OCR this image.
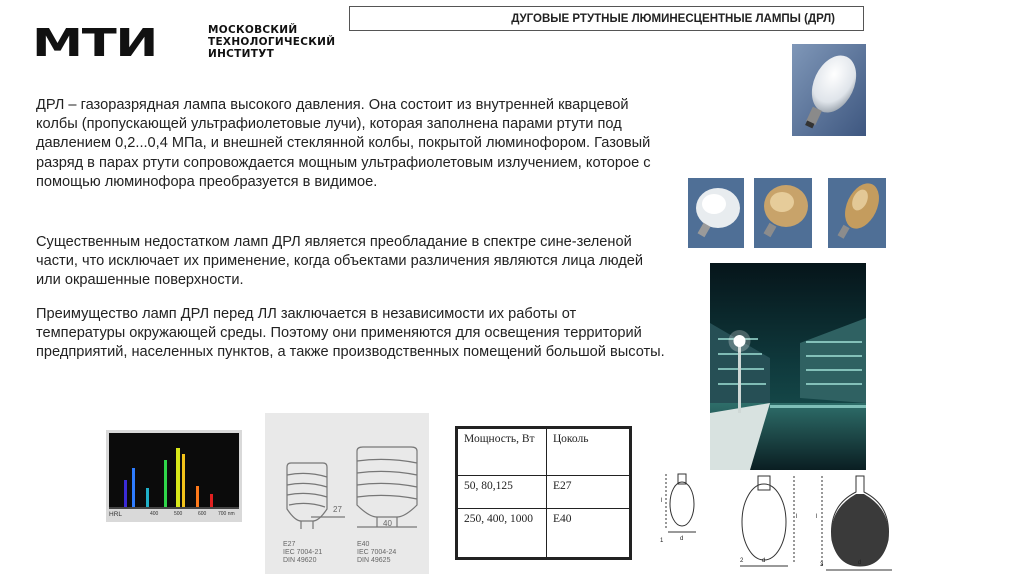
МТИ	МОСКОВСКИЙ
ТЕХНОЛОГИЧЕСКИЙ
ИНСТИТУТ
ДУГОВЫЕ РТУТНЫЕ ЛЮМИНЕСЦЕНТНЫЕ ЛАМПЫ (ДРЛ)
ДРЛ – газоразрядная лампа высокого давления. Она состоит из внутренней кварцевой колбы (пропускающей ультрафиолетовые лучи), которая заполнена парами ртути под давлением 0,2...0,4 МПа, и внешней стеклянной колбы, покрытой люминофором. Газовый разряд в парах ртути сопровождается мощным ультрафиолетовым излучением, которое с помощью люминофора преобразуется в видимое.
Существенным недостатком ламп ДРЛ является преобладание в спектре сине-зеленой части, что исключает их применение, когда объектами различения являются лица людей или окрашенные поверхности.
Преимущество ламп ДРЛ перед ЛЛ заключается в независимости их работы от температуры окружающей среды. Поэтому они применяются для освещения территорий предприятий, населенных пунктов, а также производственных помещений большой высоты.
HRL	400	500	600 700 nm	27
40
E27
IEC 7004-21
DIN 49620
E40
IEC 7004-24
DIN 49625
Мощность, Вт	Цоколь
50, 80,125	E27
250, 400, 1000	E40
1	d
2	d
3	d
l
l	l
